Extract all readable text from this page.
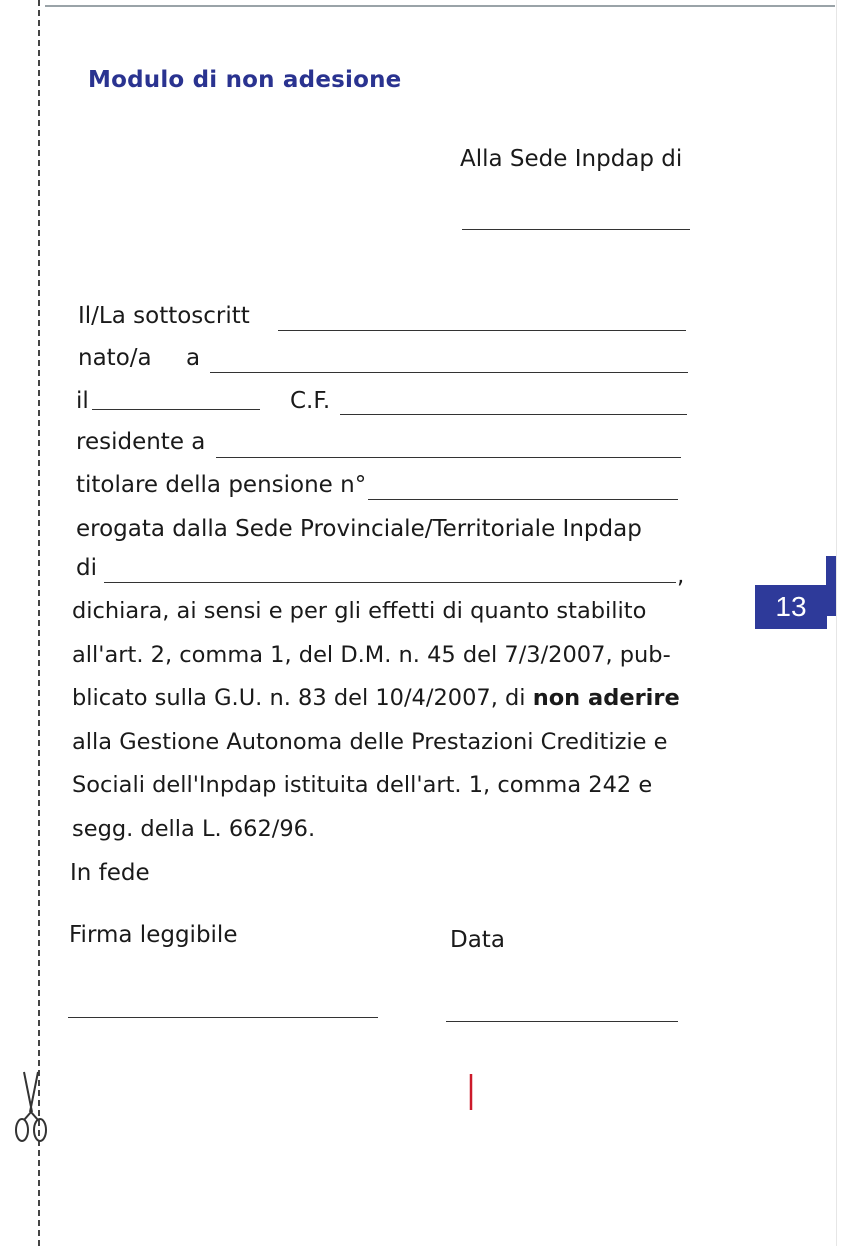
Modulo di non adesione
Alla Sede Inpdap di
Il/La sottoscritt
nato/a a
il	C.F.
residente a
titolare della pensione n°
erogata dalla Sede Provinciale/Territoriale Inpdap
di	,
dichiara, ai sensi e per gli effetti di quanto stabilito
all'art. 2, comma 1, del D.M. n. 45 del 7/3/2007, pub-
blicato sulla G.U. n. 83 del 10/4/2007, di non aderire
alla Gestione Autonoma delle Prestazioni Creditizie e
Sociali dell'Inpdap istituita dell'art. 1, comma 242 e
segg. della L. 662/96.
In fede
Firma leggibile	Data
13
